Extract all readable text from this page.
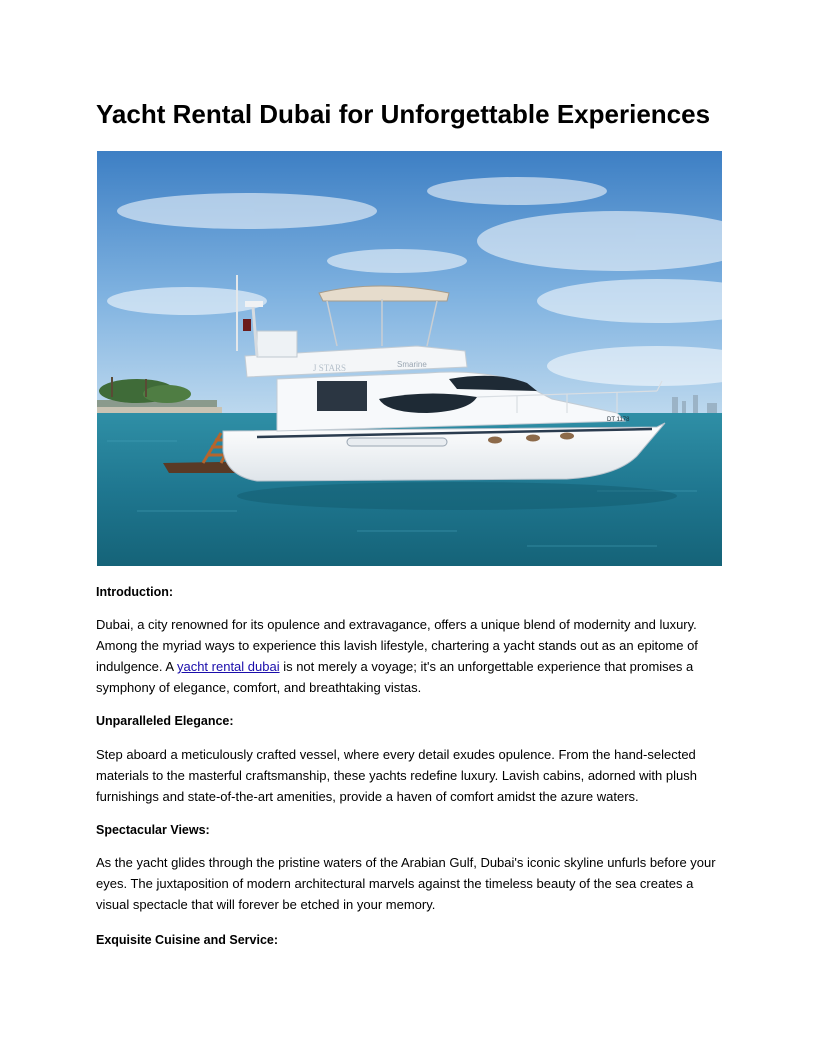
Yacht Rental Dubai for Unforgettable Experiences
J STARS	Smarine
DT 1178

Introduction:

Dubai, a city renowned for its opulence and extravagance, offers a unique blend of modernity and luxury. Among the myriad ways to experience this lavish lifestyle, chartering a yacht stands out as an epitome of indulgence. A yacht rental dubai is not merely a voyage; it's an unforgettable experience that promises a symphony of elegance, comfort, and breathtaking vistas.

Unparalleled Elegance:

Step aboard a meticulously crafted vessel, where every detail exudes opulence. From the hand-selected materials to the masterful craftsmanship, these yachts redefine luxury. Lavish cabins, adorned with plush furnishings and state-of-the-art amenities, provide a haven of comfort amidst the azure waters.

Spectacular Views:

As the yacht glides through the pristine waters of the Arabian Gulf, Dubai's iconic skyline unfurls before your eyes. The juxtaposition of modern architectural marvels against the timeless beauty of the sea creates a visual spectacle that will forever be etched in your memory.

Exquisite Cuisine and Service:
